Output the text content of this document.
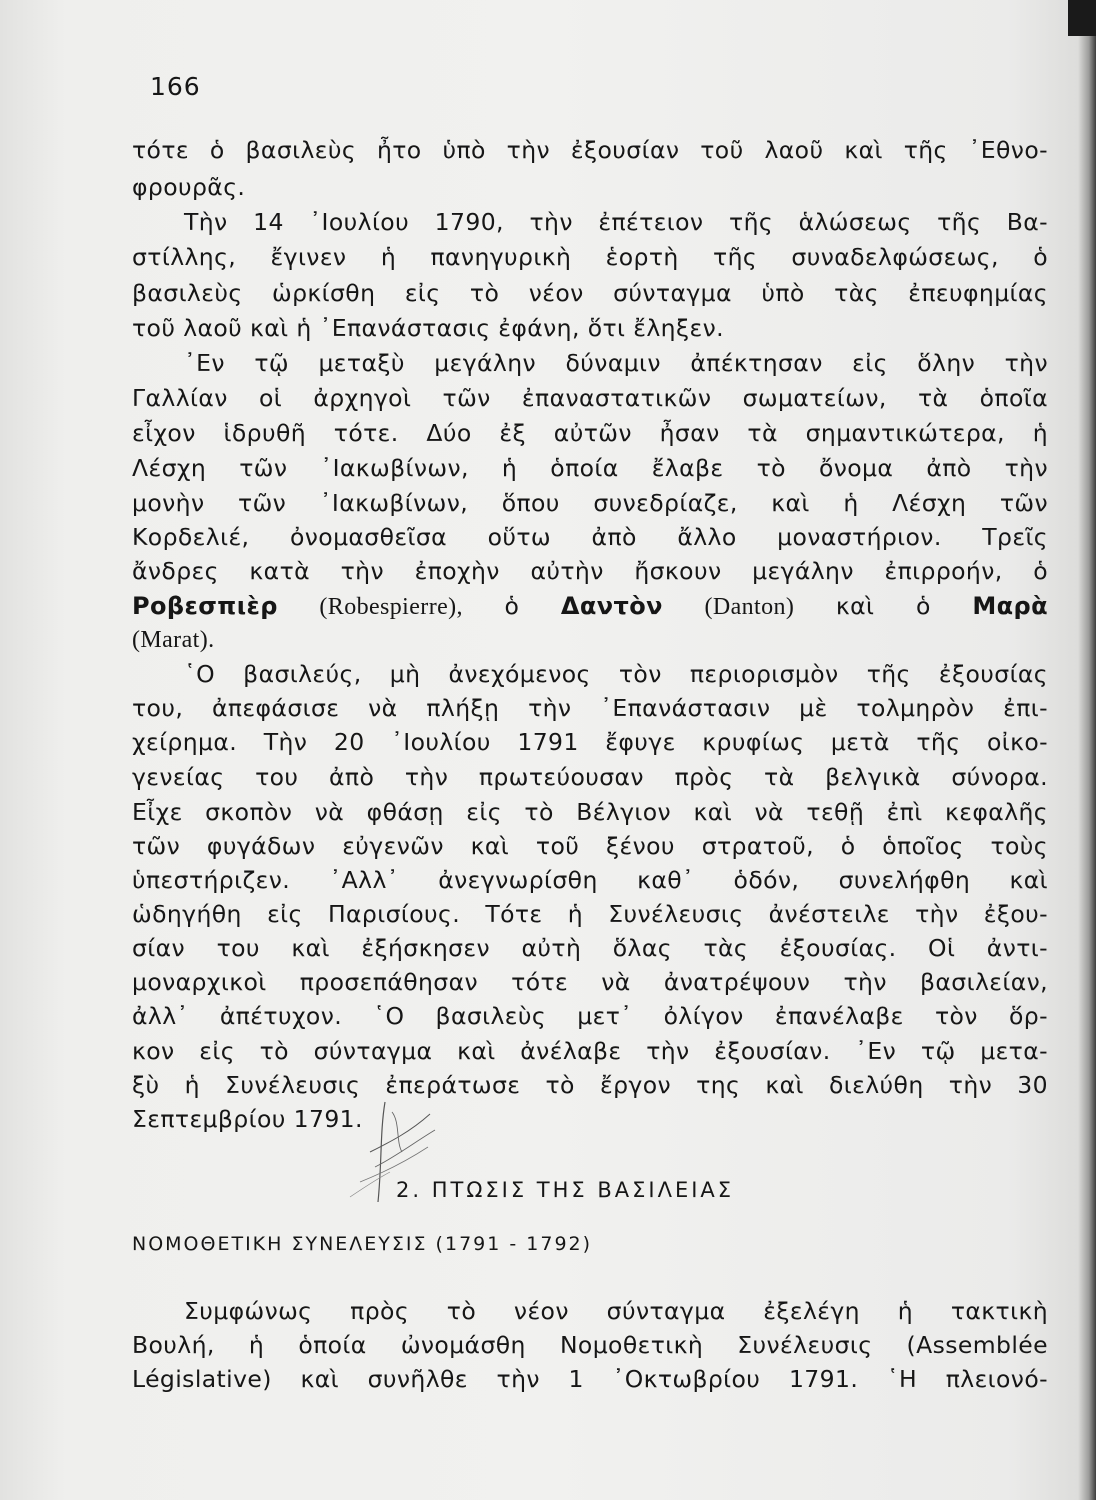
166
τότε ὁ βασιλεὺς ἦτο ὑπὸ τὴν ἐξουσίαν τοῦ λαοῦ καὶ τῆς ᾿Εθνο-
φρουρᾶς.
Τὴν 14 ᾿Ιουλίου 1790, τὴν ἐπέτειον τῆς ἁλώσεως τῆς Βα-
στίλλης, ἔγινεν ἡ πανηγυρικὴ ἑορτὴ τῆς συναδελφώσεως, ὁ
βασιλεὺς ὡρκίσθη εἰς τὸ νέον σύνταγμα ὑπὸ τὰς ἐπευφημίας
τοῦ λαοῦ καὶ ἡ ᾿Επανάστασις ἐφάνη, ὅτι ἔληξεν.
᾿Εν τῷ μεταξὺ μεγάλην δύναμιν ἀπέκτησαν εἰς ὅλην τὴν
Γαλλίαν οἱ ἀρχηγοὶ τῶν ἐπαναστατικῶν σωματείων, τὰ ὁποῖα
εἶχον ἱδρυθῆ τότε. Δύο ἐξ αὐτῶν ἦσαν τὰ σημαντικώτερα, ἡ
Λέσχη τῶν ᾿Ιακωβίνων, ἡ ὁποία ἔλαβε τὸ ὄνομα ἀπὸ τὴν
μονὴν τῶν ᾿Ιακωβίνων, ὅπου συνεδρίαζε, καὶ ἡ Λέσχη τῶν
Κορδελιέ, ὀνομασθεῖσα οὕτω ἀπὸ ἄλλο μοναστήριον. Τρεῖς
ἄνδρες κατὰ τὴν ἐποχὴν αὐτὴν ἤσκουν μεγάλην ἐπιρροήν, ὁ
Ροβεσπιὲρ (Robespierre), ὁ Δαντὸν (Danton) καὶ ὁ Μαρὰ
(Marat).
῾Ο βασιλεύς, μὴ ἀνεχόμενος τὸν περιορισμὸν τῆς ἐξουσίας
του, ἀπεφάσισε νὰ πλήξῃ τὴν ᾿Επανάστασιν μὲ τολμηρὸν ἐπι-
χείρημα. Τὴν 20 ᾿Ιουλίου 1791 ἔφυγε κρυφίως μετὰ τῆς οἰκο-
γενείας του ἀπὸ τὴν πρωτεύουσαν πρὸς τὰ βελγικὰ σύνορα.
Εἶχε σκοπὸν νὰ φθάσῃ εἰς τὸ Βέλγιον καὶ νὰ τεθῇ ἐπὶ κεφαλῆς
τῶν φυγάδων εὐγενῶν καὶ τοῦ ξένου στρατοῦ, ὁ ὁποῖος τοὺς
ὑπεστήριζεν. ᾿Αλλ᾿ ἀνεγνωρίσθη καθ᾿ ὁδόν, συνελήφθη καὶ
ὡδηγήθη εἰς Παρισίους. Τότε ἡ Συνέλευσις ἀνέστειλε τὴν ἐξου-
σίαν του καὶ ἐξήσκησεν αὐτὴ ὅλας τὰς ἐξουσίας. Οἱ ἀντι-
μοναρχικοὶ προσεπάθησαν τότε νὰ ἀνατρέψουν τὴν βασιλείαν,
ἀλλ᾿ ἀπέτυχον. ῾Ο βασιλεὺς μετ᾿ ὀλίγον ἐπανέλαβε τὸν ὅρ-
κον εἰς τὸ σύνταγμα καὶ ἀνέλαβε τὴν ἐξουσίαν. ᾿Εν τῷ μετα-
ξὺ ἡ Συνέλευσις ἐπεράτωσε τὸ ἔργον της καὶ διελύθη τὴν 30
Σεπτεμβρίου 1791.
2. ΠΤΩΣΙΣ ΤΗΣ ΒΑΣΙΛΕΙΑΣ
ΝΟΜΟΘΕΤΙΚΗ ΣΥΝΕΛΕΥΣΙΣ (1791 - 1792)
Συμφώνως πρὸς τὸ νέον σύνταγμα ἐξελέγη ἡ τακτικὴ
Βουλή, ἡ ὁποία ὠνομάσθη Νομοθετικὴ Συνέλευσις (Assemblée
Législative) καὶ συνῆλθε τὴν 1 ᾿Οκτωβρίου 1791. ῾Η πλειονό-
